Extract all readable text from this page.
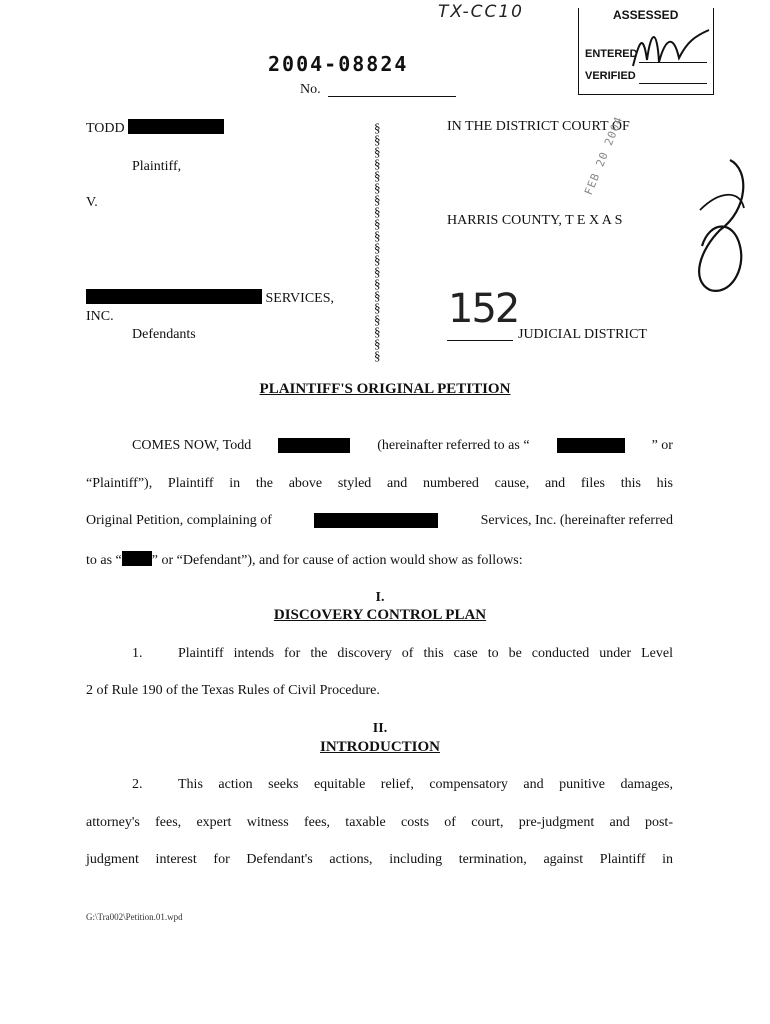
TX-CC10	ASSESSED
ENTERED
VERIFIED
2004-08824
No.
TODD
Plaintiff,
V.
SERVICES,
INC.
Defendants
§
§
§
§
§
§
§
§
§
§
§
§
§
§
§
§
§
§
§
§
IN THE DISTRICT COURT OF
HARRIS COUNTY, T E X A S
152
JUDICIAL DISTRICT
FEB 20 2004
PLAINTIFF'S ORIGINAL PETITION
COMES NOW, Todd	(hereinafter referred to as “	” or
“Plaintiff”), Plaintiff in the above styled and numbered cause, and files this his
Original Petition, complaining of	Services, Inc. (hereinafter referred
to as “ ” or “Defendant”), and for cause of action would show as follows:
I.
DISCOVERY CONTROL PLAN
1.	Plaintiff intends for the discovery of this case to be conducted under Level
2 of Rule 190 of the Texas Rules of Civil Procedure.
II.
INTRODUCTION
2.	This action seeks equitable relief, compensatory and punitive damages,
attorney's fees, expert witness fees, taxable costs of court, pre-judgment and post-
judgment interest for Defendant's actions, including termination, against Plaintiff in
G:\Tra002\Petition.01.wpd
